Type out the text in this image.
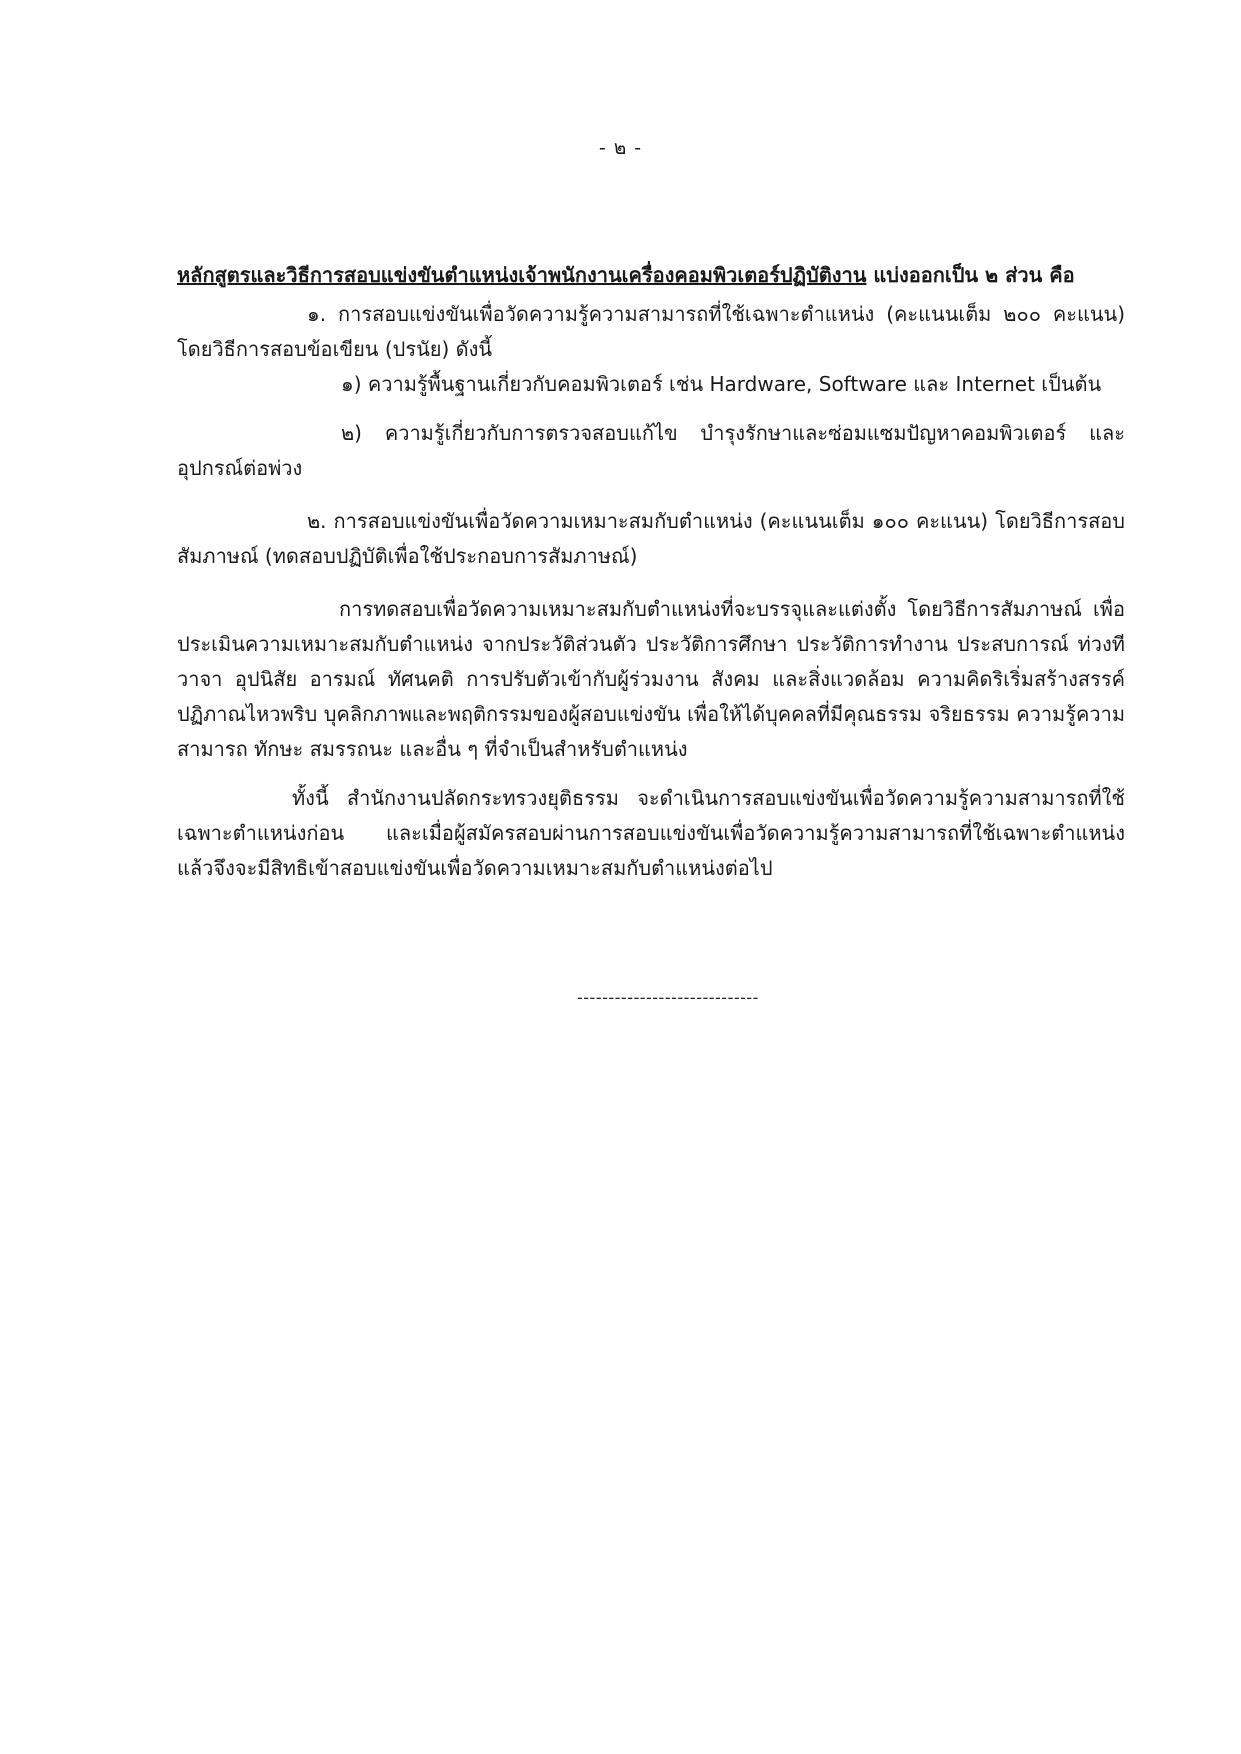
- ๒ -

หลักสูตรและวิธีการสอบแข่งขันตำแหน่งเจ้าพนักงานเครื่องคอมพิวเตอร์ปฏิบัติงาน แบ่งออกเป็น ๒ ส่วน คือ

๑. การสอบแข่งขันเพื่อวัดความรู้ความสามารถที่ใช้เฉพาะตำแหน่ง (คะแนนเต็ม ๒๐๐ คะแนน) โดยวิธีการสอบข้อเขียน (ปรนัย) ดังนี้

๑) ความรู้พื้นฐานเกี่ยวกับคอมพิวเตอร์ เช่น Hardware, Software และ Internet เป็นต้น

๒) ความรู้เกี่ยวกับการตรวจสอบแก้ไข บำรุงรักษาและซ่อมแซมปัญหาคอมพิวเตอร์ และอุปกรณ์ต่อพ่วง

๒. การสอบแข่งขันเพื่อวัดความเหมาะสมกับตำแหน่ง (คะแนนเต็ม ๑๐๐ คะแนน) โดยวิธีการสอบสัมภาษณ์ (ทดสอบปฏิบัติเพื่อใช้ประกอบการสัมภาษณ์)

การทดสอบเพื่อวัดความเหมาะสมกับตำแหน่งที่จะบรรจุและแต่งตั้ง โดยวิธีการสัมภาษณ์ เพื่อประเมินความเหมาะสมกับตำแหน่ง จากประวัติส่วนตัว ประวัติการศึกษา ประวัติการทำงาน ประสบการณ์ ท่วงทีวาจา อุปนิสัย อารมณ์ ทัศนคติ การปรับตัวเข้ากับผู้ร่วมงาน สังคม และสิ่งแวดล้อม ความคิดริเริ่มสร้างสรรค์ ปฏิภาณไหวพริบ บุคลิกภาพและพฤติกรรมของผู้สอบแข่งขัน เพื่อให้ได้บุคคลที่มีคุณธรรม จริยธรรม ความรู้ความสามารถ ทักษะ สมรรถนะ และอื่น ๆ ที่จำเป็นสำหรับตำแหน่ง

ทั้งนี้ สำนักงานปลัดกระทรวงยุติธรรม จะดำเนินการสอบแข่งขันเพื่อวัดความรู้ความสามารถที่ใช้เฉพาะตำแหน่งก่อน และเมื่อผู้สมัครสอบผ่านการสอบแข่งขันเพื่อวัดความรู้ความสามารถที่ใช้เฉพาะตำแหน่งแล้วจึงจะมีสิทธิเข้าสอบแข่งขันเพื่อวัดความเหมาะสมกับตำแหน่งต่อไป

-----------------------------
